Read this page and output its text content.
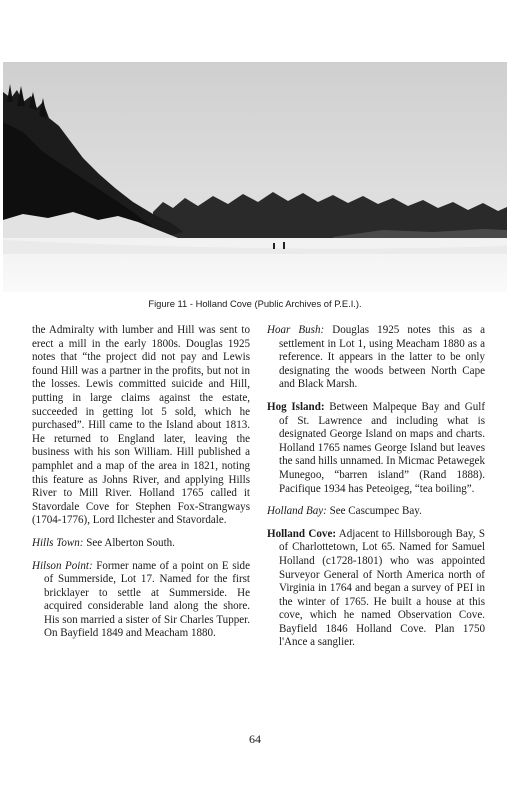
Figure 11 - Holland Cove (Public Archives of P.E.I.).

the Admiralty with lumber and Hill was sent to erect a mill in the early 1800s. Douglas 1925 notes that “the project did not pay and Lewis found Hill was a partner in the profits, but not in the losses. Lewis committed suicide and Hill, putting in large claims against the estate, succeeded in getting lot 5 sold, which he purchased”. Hill came to the Island about 1813. He returned to England later, leaving the business with his son William. Hill published a pamphlet and a map of the area in 1821, noting this feature as Johns River, and applying Hills River to Mill River. Holland 1765 called it Stavordale Cove for Stephen Fox-Strangways (1704-1776), Lord Ilchester and Stavordale.

Hills Town: See Alberton South.

Hilson Point: Former name of a point on E side of Summerside, Lot 17. Named for the first bricklayer to settle at Summerside. He acquired considerable land along the shore. His son married a sister of Sir Charles Tupper. On Bayfield 1849 and Meacham 1880.

Hoar Bush: Douglas 1925 notes this as a settlement in Lot 1, using Meacham 1880 as a reference. It appears in the latter to be only designating the woods between North Cape and Black Marsh.

Hog Island: Between Malpeque Bay and Gulf of St. Lawrence and including what is designated George Island on maps and charts. Holland 1765 names George Island but leaves the sand hills unnamed. In Micmac Petawegek Munegoo, “barren island” (Rand 1888). Pacifique 1934 has Peteoigeg, “tea boiling”.

Holland Bay: See Cascumpec Bay.

Holland Cove: Adjacent to Hillsborough Bay, S of Charlottetown, Lot 65. Named for Samuel Holland (c1728-1801) who was appointed Surveyor General of North America north of Virginia in 1764 and began a survey of PEI in the winter of 1765. He built a house at this cove, which he named Observation Cove. Bayfield 1846 Holland Cove. Plan 1750 l'Ance a sanglier.

64
